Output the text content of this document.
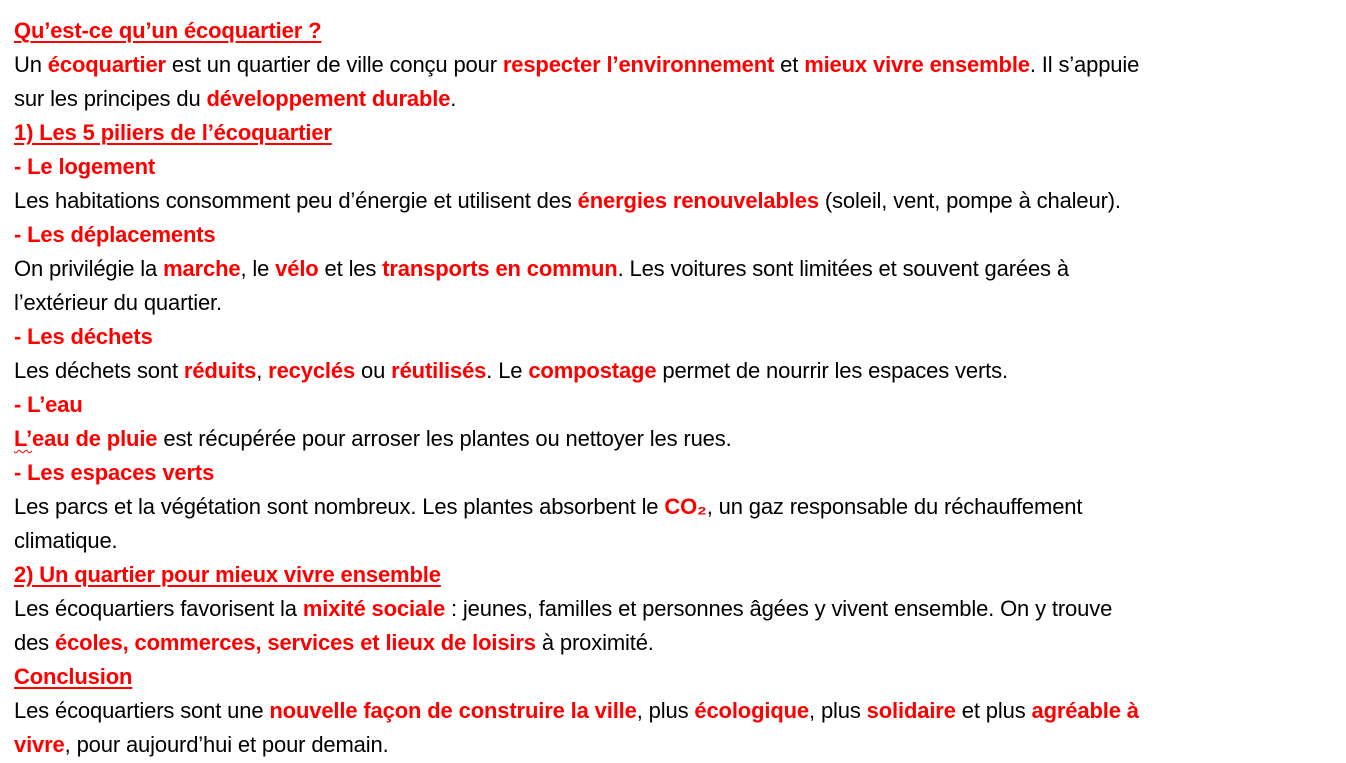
Qu’est-ce qu’un écoquartier ?
Un écoquartier est un quartier de ville conçu pour respecter l’environnement et mieux vivre ensemble. Il s’appuie
sur les principes du développement durable.
1) Les 5 piliers de l’écoquartier
- Le logement
Les habitations consomment peu d’énergie et utilisent des énergies renouvelables (soleil, vent, pompe à chaleur).
- Les déplacements
On privilégie la marche, le vélo et les transports en commun. Les voitures sont limitées et souvent garées à
l’extérieur du quartier.
- Les déchets
Les déchets sont réduits, recyclés ou réutilisés. Le compostage permet de nourrir les espaces verts.
- L’eau
L’eau de pluie est récupérée pour arroser les plantes ou nettoyer les rues.
- Les espaces verts
Les parcs et la végétation sont nombreux. Les plantes absorbent le CO₂, un gaz responsable du réchauffement
climatique.
2) Un quartier pour mieux vivre ensemble
Les écoquartiers favorisent la mixité sociale : jeunes, familles et personnes âgées y vivent ensemble. On y trouve
des écoles, commerces, services et lieux de loisirs à proximité.
Conclusion
Les écoquartiers sont une nouvelle façon de construire la ville, plus écologique, plus solidaire et plus agréable à
vivre, pour aujourd’hui et pour demain.
